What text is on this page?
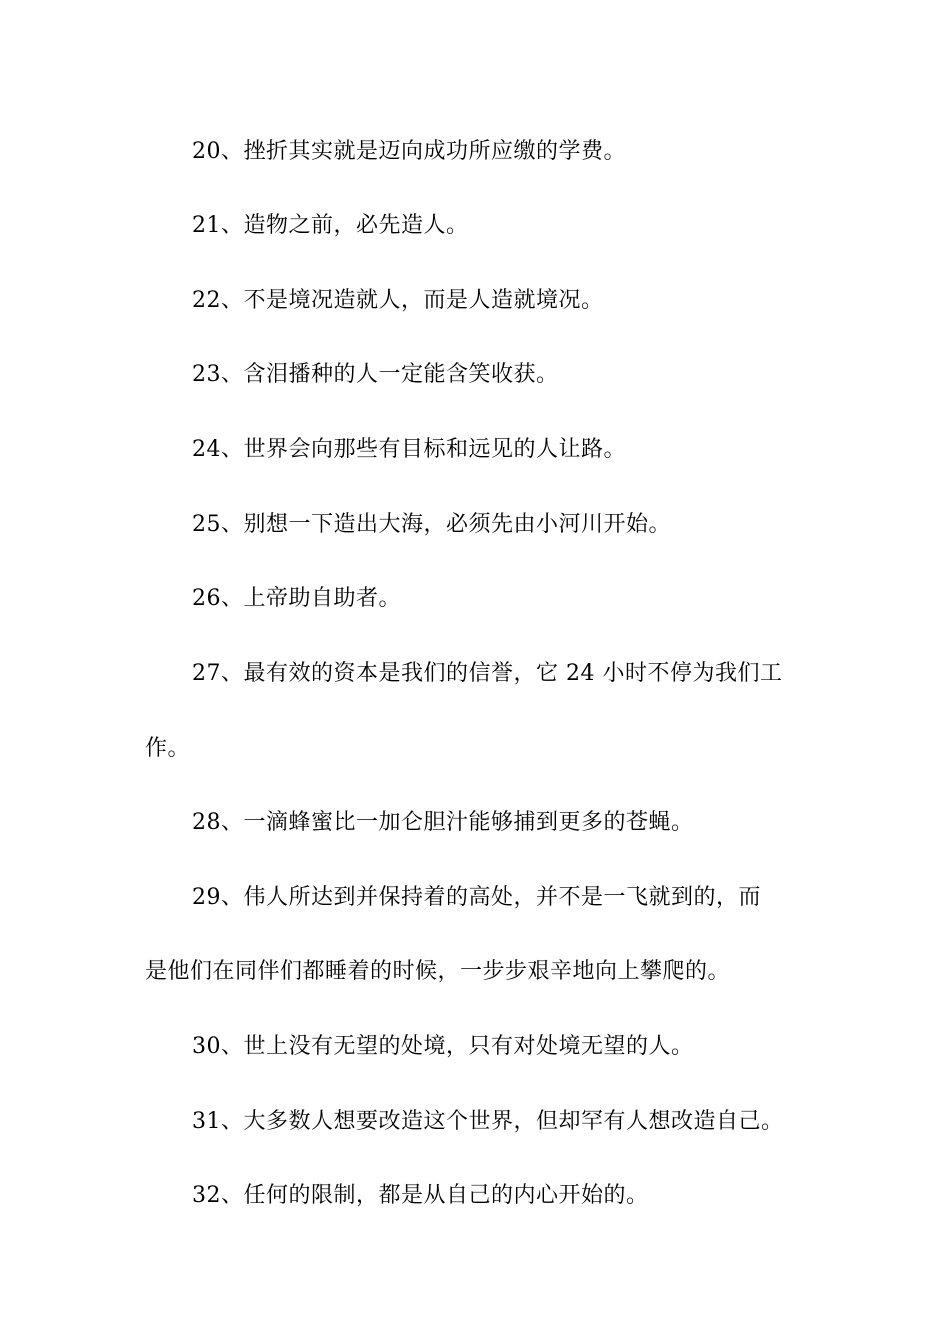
20、挫折其实就是迈向成功所应缴的学费。
21、造物之前，必先造人。
22、不是境况造就人，而是人造就境况。
23、含泪播种的人一定能含笑收获。
24、世界会向那些有目标和远见的人让路。
25、别想一下造出大海，必须先由小河川开始。
26、上帝助自助者。
27、最有效的资本是我们的信誉，它 24 小时不停为我们工
作。
28、一滴蜂蜜比一加仑胆汁能够捕到更多的苍蝇。
29、伟人所达到并保持着的高处，并不是一飞就到的，而
是他们在同伴们都睡着的时候，一步步艰辛地向上攀爬的。
30、世上没有无望的处境，只有对处境无望的人。
31、大多数人想要改造这个世界，但却罕有人想改造自己。
32、任何的限制，都是从自己的内心开始的。
